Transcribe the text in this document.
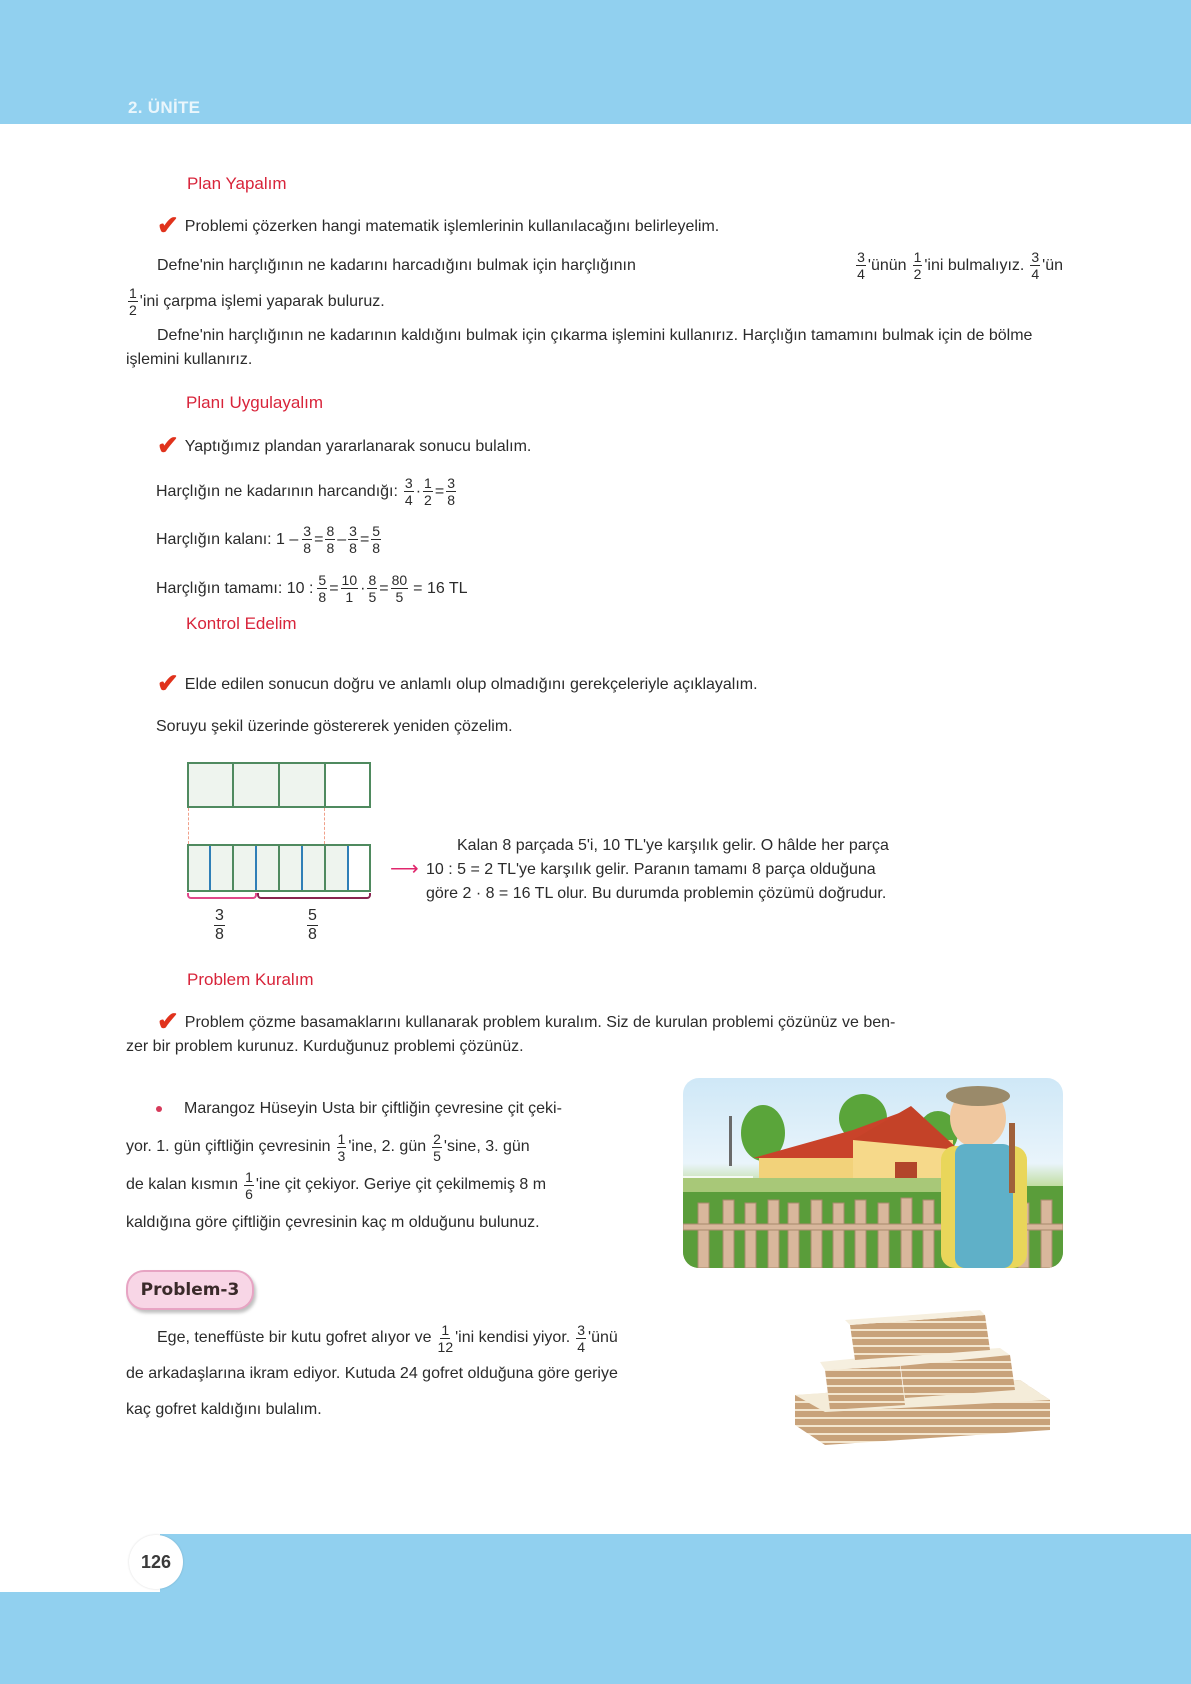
2. ÜNİTE
Plan Yapalım
✔ Problemi çözerken hangi matematik işlemlerinin kullanılacağını belirleyelim.
Defne'nin harçlığının ne kadarını harcadığını bulmak için harçlığının	$\frac{3}{4}$ 'ünün $\frac{1}{2}$ 'ini bulmalıyız. $\frac{3}{4}$ 'ün
$\frac{1}{2}$ 'ini çarpma işlemi yaparak buluruz.
Defne'nin harçlığının ne kadarının kaldığını bulmak için çıkarma işlemini kullanırız. Harçlığın tamamını bulmak için de bölme işlemini kullanırız.
Planı Uygulayalım
✔ Yaptığımız plandan yararlanarak sonucu bulalım.
Harçlığın ne kadarının harcandığı: $\frac{3}{4} \cdot \frac{1}{2} = \frac{3}{8}$
Harçlığın kalanı: $1 - \frac{3}{8} = \frac{8}{8} - \frac{3}{8} = \frac{5}{8}$
Harçlığın tamamı: 10 : $\frac{5}{8} = \frac{10}{1} \cdot \frac{8}{5} = \frac{80}{5} = 16$ TL
Kontrol Edelim
✔ Elde edilen sonucun doğru ve anlamlı olup olmadığını gerekçeleriyle açıklayalım.
Soruyu şekil üzerinde göstererek yeniden çözelim.
$\frac{3}{8}$	$\frac{5}{8}$
⟶
Kalan 8 parçada 5'i, 10 TL'ye karşılık gelir. O hâlde her parça
10 : 5 = 2 TL'ye karşılık gelir. Paranın tamamı 8 parça olduğuna
göre 2 · 8 = 16 TL olur. Bu durumda problemin çözümü doğrudur.
Problem Kuralım
✔ Problem çözme basamaklarını kullanarak problem kuralım. Siz de kurulan problemi çözünüz ve ben-
zer bir problem kurunuz. Kurduğunuz problemi çözünüz.
Marangoz Hüseyin Usta bir çiftliğin çevresine çit çeki-
yor. 1. gün çiftliğin çevresinin $\frac{1}{3}$ 'ine, 2. gün $\frac{2}{5}$ 'sine, 3. gün
de kalan kısmın $\frac{1}{6}$ 'ine çit çekiyor. Geriye çit çekilmemiş 8 m
kaldığına göre çiftliğin çevresinin kaç m olduğunu bulunuz.
Problem-3
Ege, teneffüste bir kutu gofret alıyor ve $\frac{1}{12}$ 'ini kendisi yiyor. $\frac{3}{4}$ 'ünü
de arkadaşlarına ikram ediyor. Kutuda 24 gofret olduğuna göre geriye
kaç gofret kaldığını bulalım.
126
